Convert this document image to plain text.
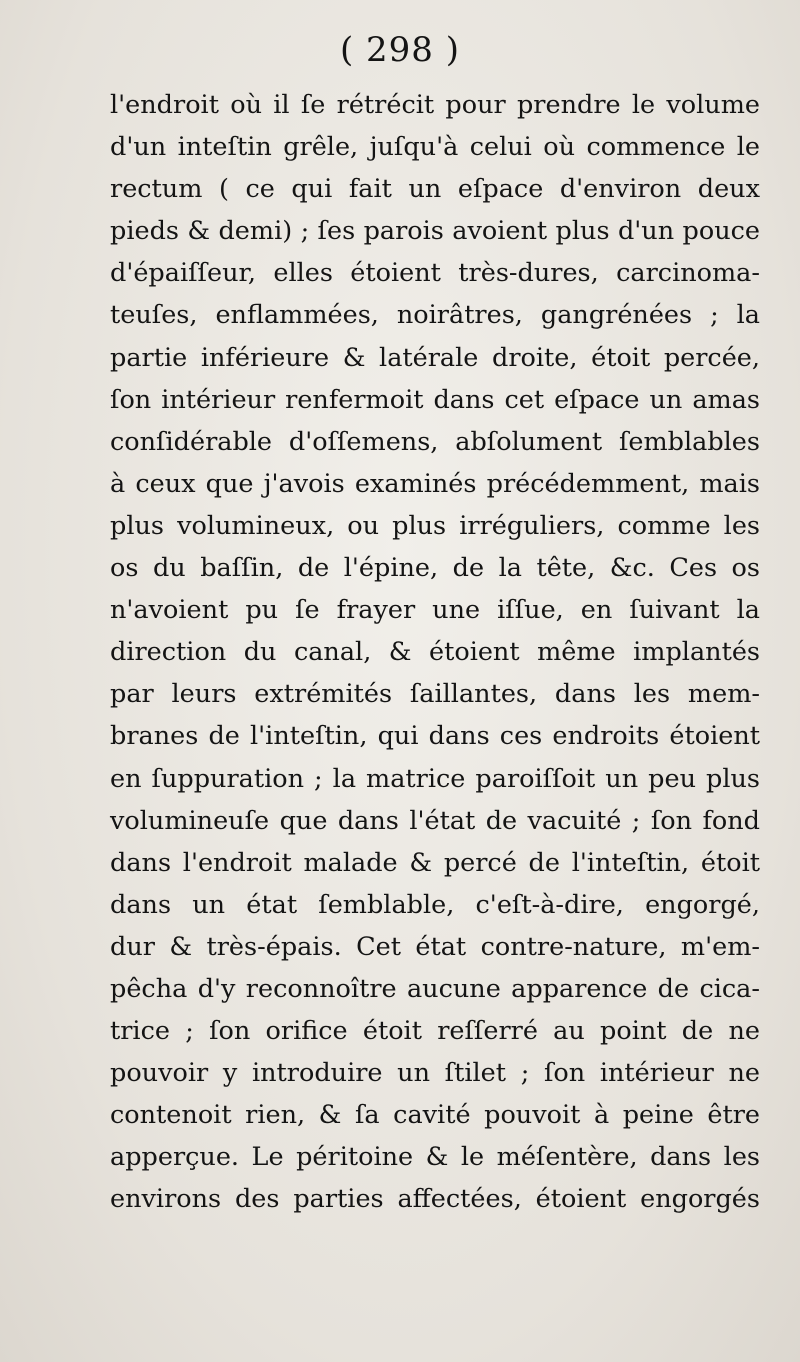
( 298 )
l'endroit où il ſe rétrécit pour prendre le volume
d'un inteſtin grêle, juſqu'à celui où commence le
rectum ( ce qui fait un eſpace d'environ deux
pieds & demi) ; ſes parois avoient plus d'un pouce
d'épaiſſeur, elles étoient très-dures, carcinoma-
teuſes, enflammées, noirâtres, gangrénées ; la
partie inférieure & latérale droite, étoit percée,
ſon intérieur renfermoit dans cet eſpace un amas
conſidérable d'oſſemens, abſolument ſemblables
à ceux que j'avois examinés précédemment, mais
plus volumineux, ou plus irréguliers, comme les
os du baſſin, de l'épine, de la tête, &c. Ces os
n'avoient pu ſe frayer une iſſue, en ſuivant la
direction du canal, & étoient même implantés
par leurs extrémités ſaillantes, dans les mem-
branes de l'inteſtin, qui dans ces endroits étoient
en ſuppuration ; la matrice paroiſſoit un peu plus
volumineuſe que dans l'état de vacuité ; ſon fond
dans l'endroit malade & percé de l'inteſtin, étoit
dans un état ſemblable, c'eſt-à-dire, engorgé,
dur & très-épais. Cet état contre-nature, m'em-
pêcha d'y reconnoître aucune apparence de cica-
trice ; ſon orifice étoit reſſerré au point de ne
pouvoir y introduire un ſtilet ; ſon intérieur ne
contenoit rien, & ſa cavité pouvoit à peine être
apperçue. Le péritoine & le méſentère, dans les
environs des parties affectées, étoient engorgés
